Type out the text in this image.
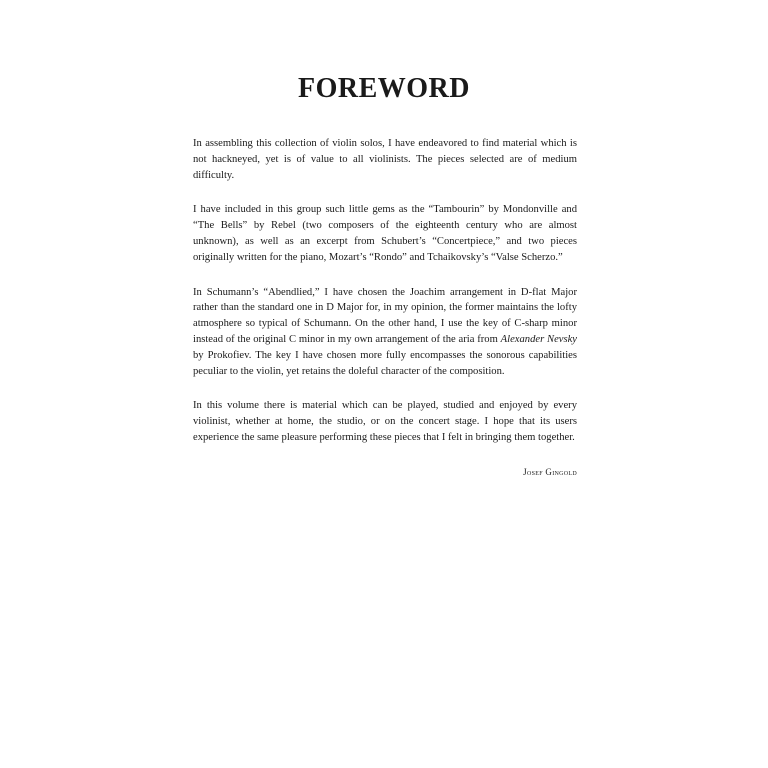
FOREWORD

In assembling this collection of violin solos, I have endeavored to find material which is not hackneyed, yet is of value to all violinists. The pieces selected are of medium difficulty.

I have included in this group such little gems as the “Tambourin” by Mondonville and “The Bells” by Rebel (two composers of the eighteenth century who are almost unknown), as well as an excerpt from Schubert’s “Concertpiece,” and two pieces originally written for the piano, Mozart’s “Rondo” and Tchaikovsky’s “Valse Scherzo.”

In Schumann’s “Abendlied,” I have chosen the Joachim arrangement in D-flat Major rather than the standard one in D Major for, in my opinion, the former maintains the lofty atmosphere so typical of Schumann. On the other hand, I use the key of C-sharp minor instead of the original C minor in my own arrangement of the aria from Alexander Nevsky by Prokofiev. The key I have chosen more fully encompasses the sonorous capabilities peculiar to the violin, yet retains the doleful character of the composition.

In this volume there is material which can be played, studied and enjoyed by every violinist, whether at home, the studio, or on the concert stage. I hope that its users experience the same pleasure performing these pieces that I felt in bringing them together.

Josef Gingold
